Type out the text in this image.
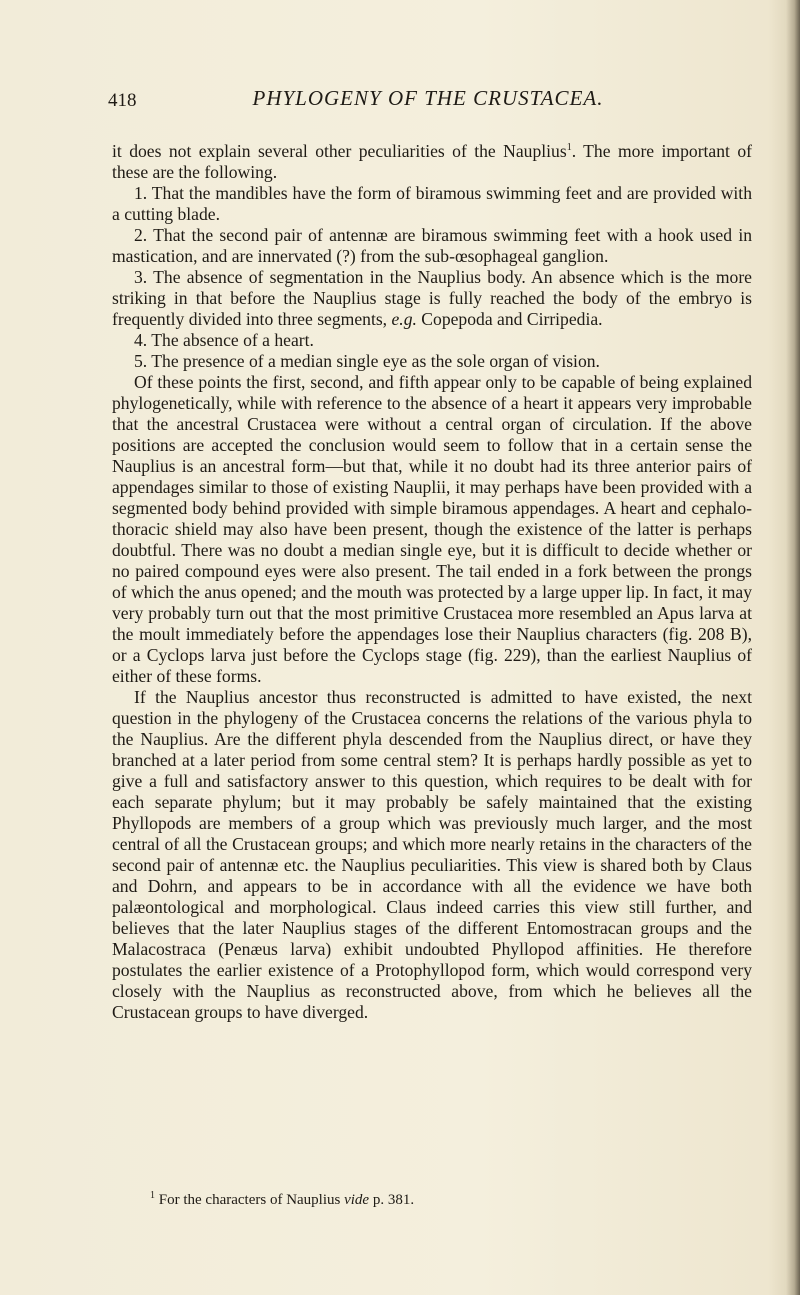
418	PHYLOGENY OF THE CRUSTACEA.

it does not explain several other peculiarities of the Nauplius$^1$. The more important of these are the following.

1. That the mandibles have the form of biramous swimming feet and are provided with a cutting blade.

2. That the second pair of antennæ are biramous swimming feet with a hook used in mastication, and are innervated (?) from the sub-œsophageal ganglion.

3. The absence of segmentation in the Nauplius body. An absence which is the more striking in that before the Nauplius stage is fully reached the body of the embryo is frequently divided into three segments, e.g. Copepoda and Cirripedia.

4. The absence of a heart.

5. The presence of a median single eye as the sole organ of vision.

Of these points the first, second, and fifth appear only to be capable of being explained phylogenetically, while with reference to the absence of a heart it appears very improbable that the ancestral Crustacea were without a central organ of circulation. If the above positions are accepted the conclusion would seem to follow that in a certain sense the Nauplius is an ancestral form—but that, while it no doubt had its three anterior pairs of appendages similar to those of existing Nauplii, it may perhaps have been provided with a segmented body behind provided with simple biramous appendages. A heart and cephalo-thoracic shield may also have been present, though the existence of the latter is perhaps doubtful. There was no doubt a median single eye, but it is difficult to decide whether or no paired compound eyes were also present. The tail ended in a fork between the prongs of which the anus opened; and the mouth was protected by a large upper lip. In fact, it may very probably turn out that the most primitive Crustacea more resembled an Apus larva at the moult immediately before the appendages lose their Nauplius characters (fig. 208 B), or a Cyclops larva just before the Cyclops stage (fig. 229), than the earliest Nauplius of either of these forms.

If the Nauplius ancestor thus reconstructed is admitted to have existed, the next question in the phylogeny of the Crustacea concerns the relations of the various phyla to the Nauplius. Are the different phyla descended from the Nauplius direct, or have they branched at a later period from some central stem? It is perhaps hardly possible as yet to give a full and satisfactory answer to this question, which requires to be dealt with for each separate phylum; but it may probably be safely maintained that the existing Phyllopods are members of a group which was previously much larger, and the most central of all the Crustacean groups; and which more nearly retains in the characters of the second pair of antennæ etc. the Nauplius peculiarities. This view is shared both by Claus and Dohrn, and appears to be in accordance with all the evidence we have both palæontological and morphological. Claus indeed carries this view still further, and believes that the later Nauplius stages of the different Entomostracan groups and the Malacostraca (Penæus larva) exhibit undoubted Phyllopod affinities. He therefore postulates the earlier existence of a Protophyllopod form, which would correspond very closely with the Nauplius as reconstructed above, from which he believes all the Crustacean groups to have diverged.

$^1$ For the characters of Nauplius vide p. 381.
